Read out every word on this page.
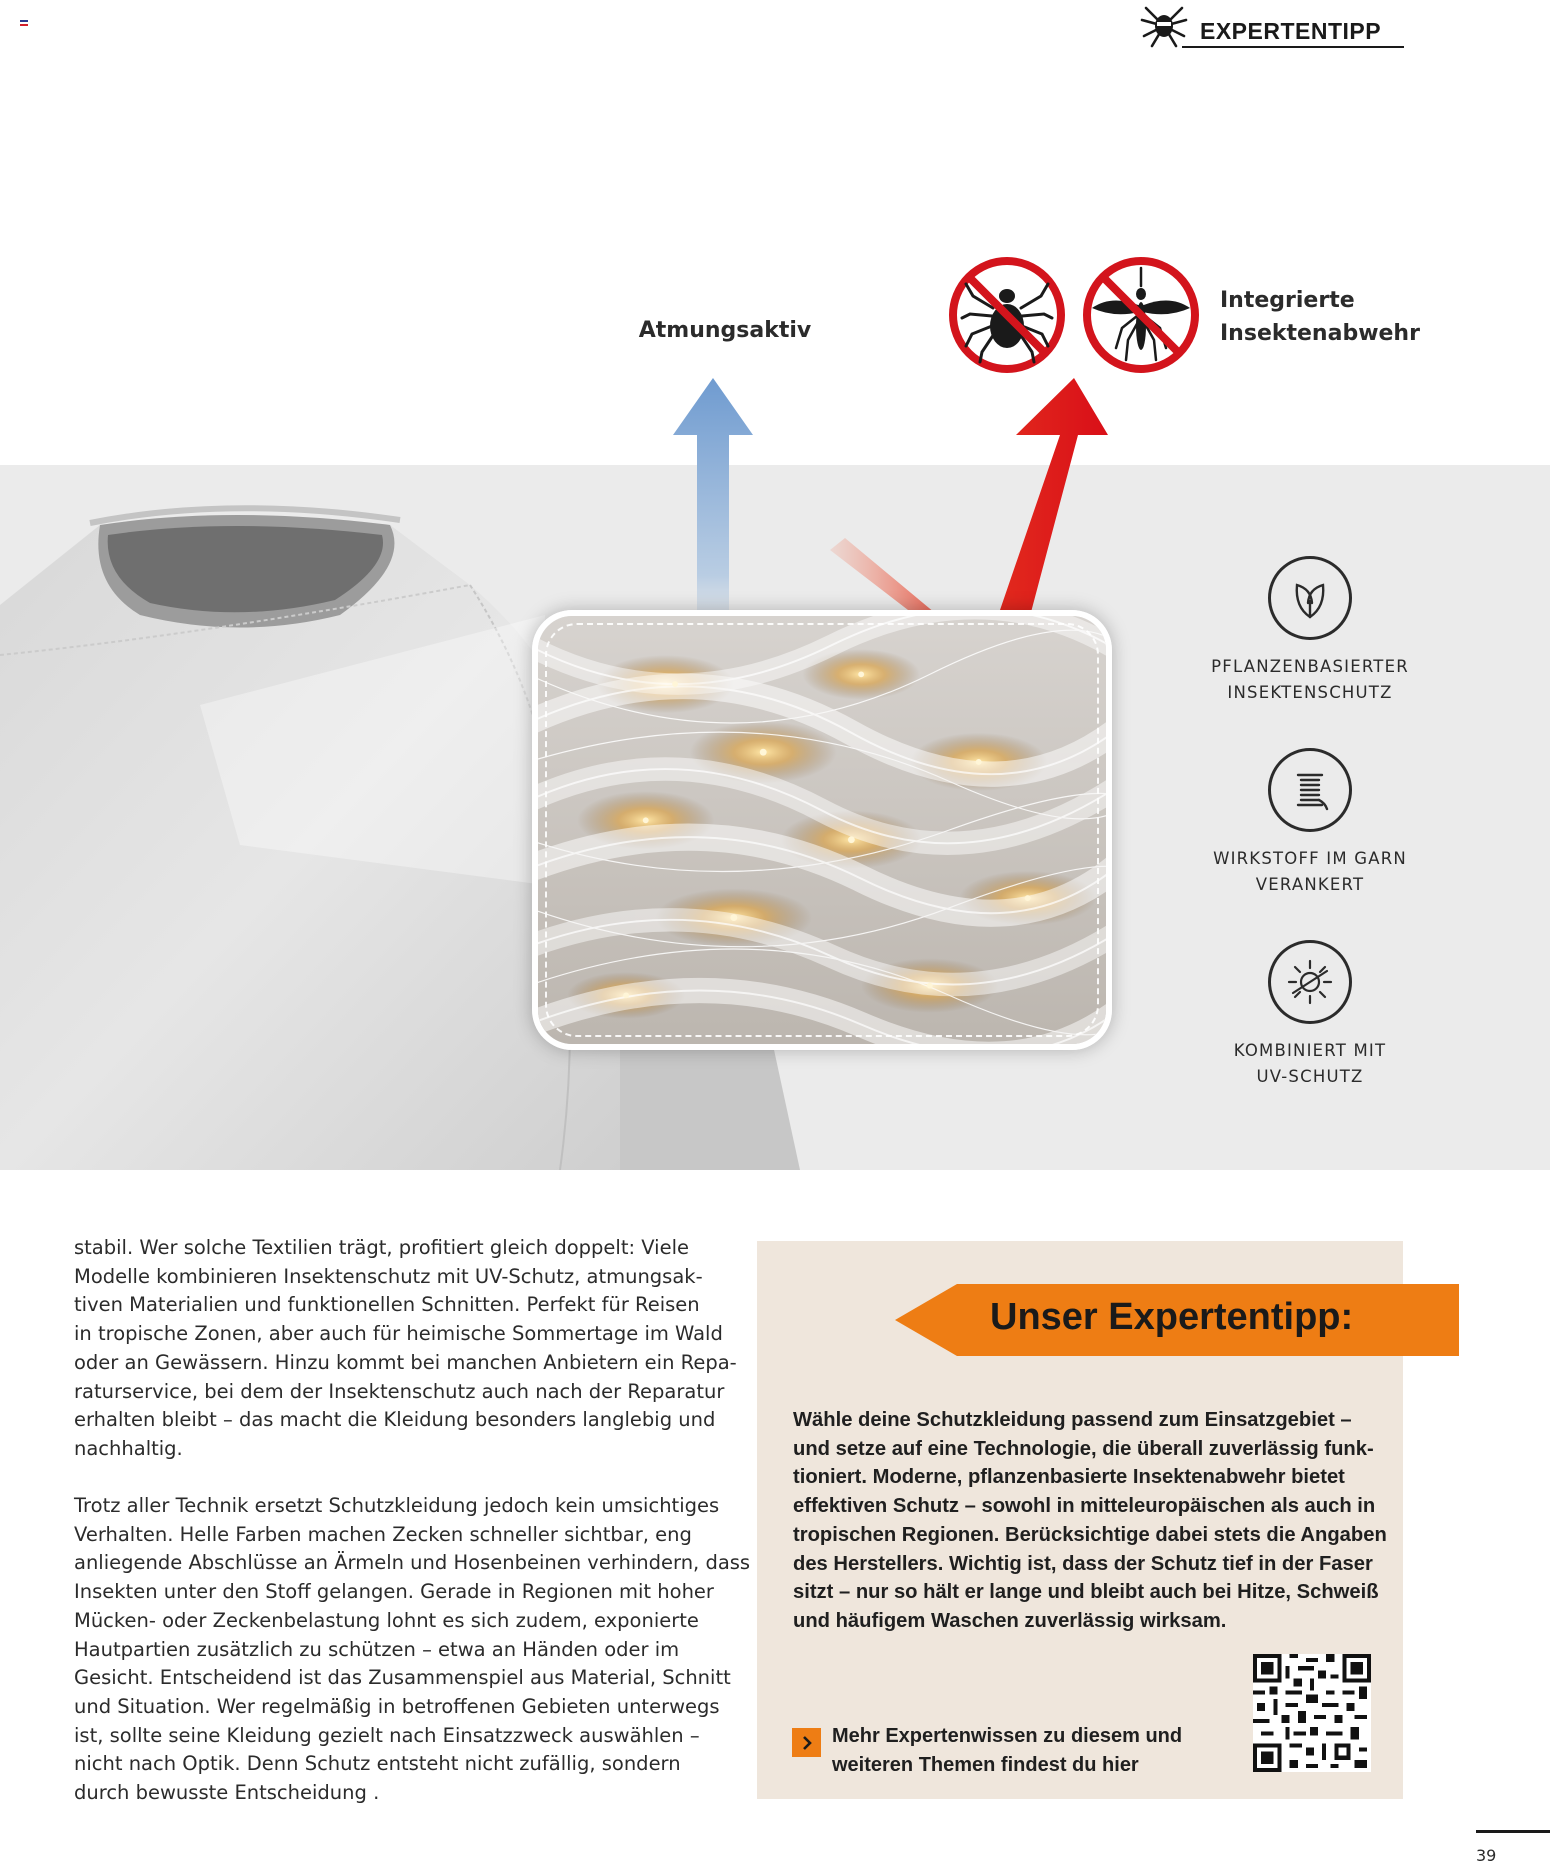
EXPERTENTIPP
Atmungsaktiv
Integrierte
Insektenabwehr
PFLANZENBASIERTER
INSEKTENSCHUTZ
WIRKSTOFF IM GARN
VERANKERT
KOMBINIERT MIT
UV-SCHUTZ

stabil. Wer solche Textilien trägt, profitiert gleich doppelt: Viele

Modelle kombinieren Insektenschutz mit UV-Schutz, atmungsak-

tiven Materialien und funktionellen Schnitten. Perfekt für Reisen

in tropische Zonen, aber auch für heimische Sommertage im Wald

oder an Gewässern. Hinzu kommt bei manchen Anbietern ein Repa-

raturservice, bei dem der Insektenschutz auch nach der Reparatur

erhalten bleibt – das macht die Kleidung besonders langlebig und

nachhaltig.

Trotz aller Technik ersetzt Schutzkleidung jedoch kein umsichtiges

Verhalten. Helle Farben machen Zecken schneller sichtbar, eng

anliegende Abschlüsse an Ärmeln und Hosenbeinen verhindern, dass

Insekten unter den Stoff gelangen. Gerade in Regionen mit hoher

Mücken- oder Zeckenbelastung lohnt es sich zudem, exponierte

Hautpartien zusätzlich zu schützen – etwa an Händen oder im

Gesicht. Entscheidend ist das Zusammenspiel aus Material, Schnitt

und Situation. Wer regelmäßig in betroffenen Gebieten unterwegs

ist, sollte seine Kleidung gezielt nach Einsatzzweck auswählen –

nicht nach Optik. Denn Schutz entsteht nicht zufällig, sondern

durch bewusste Entscheidung .

Unser Expertentipp:

Wähle deine Schutzkleidung passend zum Einsatzgebiet –

und setze auf eine Technologie, die überall zuverlässig funk-

tioniert. Moderne, pflanzenbasierte Insektenabwehr bietet

effektiven Schutz – sowohl in mitteleuropäischen als auch in

tropischen Regionen. Berücksichtige dabei stets die Angaben

des Herstellers. Wichtig ist, dass der Schutz tief in der Faser

sitzt – nur so hält er lange und bleibt auch bei Hitze, Schweiß

und häufigem Waschen zuverlässig wirksam.

Mehr Expertenwissen zu diesem und
weiteren Themen findest du hier
39
